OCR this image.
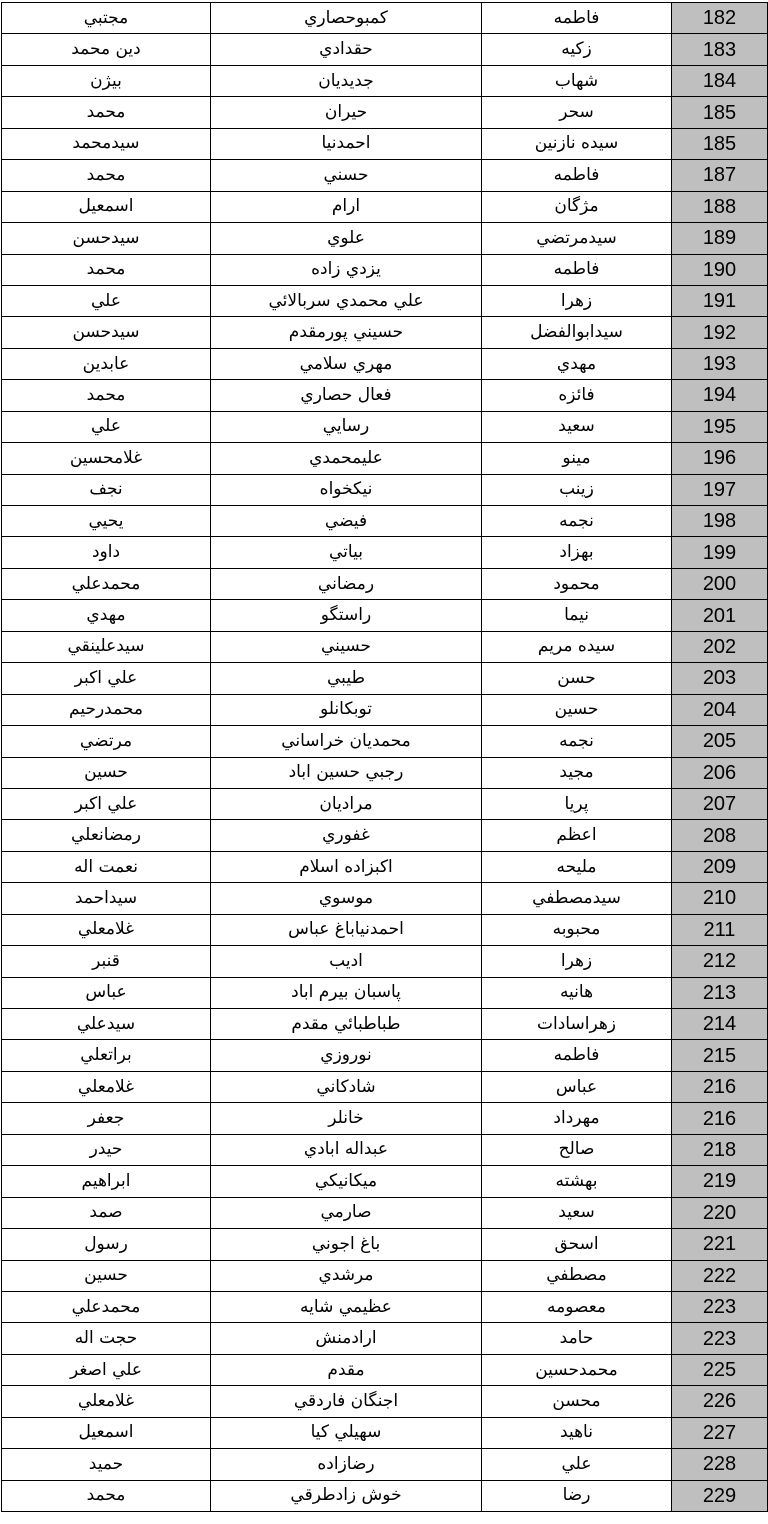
مجتبي	كمبوحصاري	فاطمه	182
دين محمد	حقدادي	زكيه	183
بيژن	جديديان	شهاب	184
محمد	حيران	سحر	185
سيدمحمد	احمدنيا	سيده نازنين	185
محمد	حسني	فاطمه	187
اسمعيل	ارام	مژگان	188
سيدحسن	علوي	سيدمرتضي	189
محمد	يزدي زاده	فاطمه	190
علي	علي محمدي سربالائي	زهرا	191
سيدحسن	حسيني پورمقدم	سيدابوالفضل	192
عابدين	مهري سلامي	مهدي	193
محمد	فعال حصاري	فائزه	194
علي	رسايي	سعيد	195
غلامحسين	عليمحمدي	مينو	196
نجف	نيكخواه	زينب	197
يحيي	فيضي	نجمه	198
داود	بياتي	بهزاد	199
محمدعلي	رمضاني	محمود	200
مهدي	راستگو	نيما	201
سيدعلينقي	حسيني	سيده مريم	202
علي اكبر	طيبي	حسن	203
محمدرحيم	توبكانلو	حسين	204
مرتضي	محمديان خراساني	نجمه	205
حسين	رجبي حسين اباد	مجيد	206
علي اكبر	مراديان	پريا	207
رمضانعلي	غفوري	اعظم	208
نعمت اله	اكبزاده اسلام	مليحه	209
سيداحمد	موسوي	سيدمصطفي	210
غلامعلي	احمدنياباغ عباس	محبوبه	211
قنبر	اديب	زهرا	212
عباس	پاسبان بيرم اباد	هانيه	213
سيدعلي	طباطبائي مقدم	زهراسادات	214
براتعلي	نوروزي	فاطمه	215
غلامعلي	شادكاني	عباس	216
جعفر	خانلر	مهرداد	216
حيدر	عبداله ابادي	صالح	218
ابراهيم	ميكانيكي	بهشته	219
صمد	صارمي	سعيد	220
رسول	باغ اجوني	اسحق	221
حسين	مرشدي	مصطفي	222
محمدعلي	عظيمي شايه	معصومه	223
حجت اله	ارادمنش	حامد	223
علي اصغر	مقدم	محمدحسين	225
غلامعلي	اجنگان فاردقي	محسن	226
اسمعيل	سهيلي كيا	ناهيد	227
حميد	رضازاده	علي	228
محمد	خوش زادطرقي	رضا	229
